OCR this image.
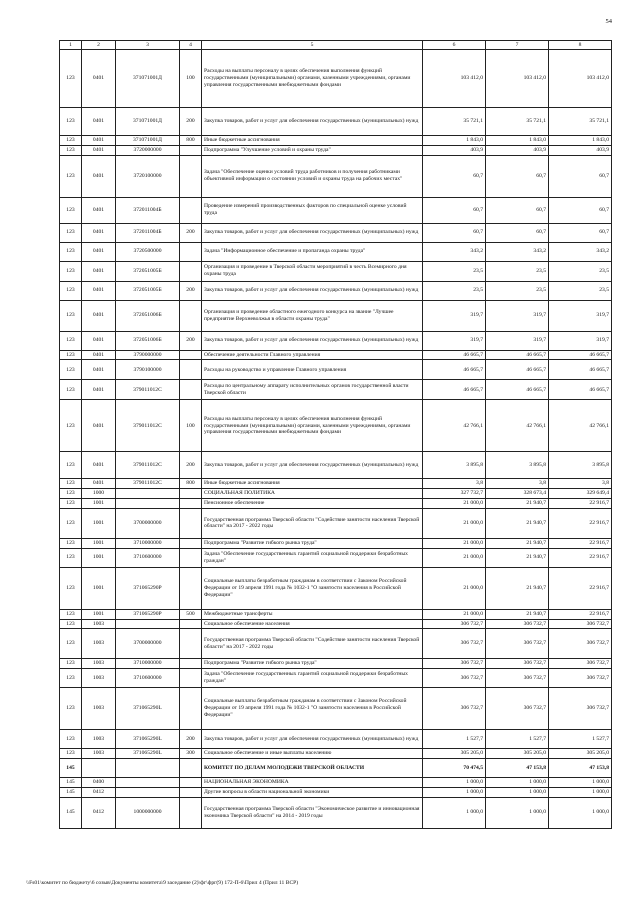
54
1	2	3	4	5	6	7	8
123	0401	371071001Д	100	Расходы на выплаты персоналу в целях обеспечения выполнения функций государственными (муниципальными) органами, казенными учреждениями, органами управления государственными внебюджетными фондами	103 412,0	103 412,0	103 412,0
123	0401	371071001Д	200	Закупка товаров, работ и услуг для обеспечения государственных (муниципальных) нужд	35 721,1	35 721,1	35 721,1
123	0401	371071001Д	800	Иные бюджетные ассигнования	1 843,0	1 843,0	1 843,0
123	0401	3720000000		Подпрограмма "Улучшение условий и охраны труда"	403,9	403,9	403,9
123	0401	3720100000		Задача "Обеспечение оценки условий труда работников и получения работниками объективной информации о состоянии условий и охраны труда на рабочих местах"	60,7	60,7	60,7
123	0401	372011004Б		Проведение измерений производственных факторов по специальной оценке условий труда	60,7	60,7	60,7
123	0401	372011004Б	200	Закупка товаров, работ и услуг для обеспечения государственных (муниципальных) нужд	60,7	60,7	60,7
123	0401	3720500000		Задача "Информационное обеспечение и пропаганда охраны труда"	343,2	343,2	343,2
123	0401	372051005Б		Организация и проведение в Тверской области мероприятий в честь Всемирного дня охраны труда	23,5	23,5	23,5
123	0401	372051005Б	200	Закупка товаров, работ и услуг для обеспечения государственных (муниципальных) нужд	23,5	23,5	23,5
123	0401	372051006Б		Организация и проведение областного ежегодного конкурса на звание "Лучшее предприятие Верхневолжья в области охраны труда"	319,7	319,7	319,7
123	0401	372051006Б	200	Закупка товаров, работ и услуг для обеспечения государственных (муниципальных) нужд	319,7	319,7	319,7
123	0401	3790000000		Обеспечение деятельности Главного управления	46 665,7	46 665,7	46 665,7
123	0401	3790100000		Расходы на руководство и управление Главного управления	46 665,7	46 665,7	46 665,7
123	0401	379011012С		Расходы по центральному аппарату исполнительных органов государственной власти Тверской области	46 665,7	46 665,7	46 665,7
123	0401	379011012С	100	Расходы на выплаты персоналу в целях обеспечения выполнения функций государственными (муниципальными) органами, казенными учреждениями, органами управления государственными внебюджетными фондами	42 766,1	42 766,1	42 766,1
123	0401	379011012С	200	Закупка товаров, работ и услуг для обеспечения государственных (муниципальных) нужд	3 895,8	3 895,8	3 895,8
123	0401	379011012С	800	Иные бюджетные ассигнования	3,8	3,8	3,8
123	1000			СОЦИАЛЬНАЯ ПОЛИТИКА	327 732,7	328 673,4	329 649,4
123	1001			Пенсионное обеспечение	21 000,0	21 940,7	22 916,7
123	1001	3700000000		Государственная программа Тверской области "Содействие занятости населения Тверской области" на 2017 - 2022 годы	21 000,0	21 940,7	22 916,7
123	1001	3710000000		Подпрограмма "Развитие гибкого рынка труда"	21 000,0	21 940,7	22 916,7
123	1001	3710600000		Задача "Обеспечение государственных гарантий социальной поддержки безработных граждан"	21 000,0	21 940,7	22 916,7
123	1001	371065290Р		Социальные выплаты безработным гражданам в соответствии с Законом Российской Федерации от 19 апреля 1991 года № 1032-1 "О занятости населения в Российской Федерации"	21 000,0	21 940,7	22 916,7
123	1001	371065290Р	500	Межбюджетные трансферты	21 000,0	21 940,7	22 916,7
123	1003			Социальное обеспечение населения	306 732,7	306 732,7	306 732,7
123	1003	3700000000		Государственная программа Тверской области "Содействие занятости населения Тверской области" на 2017 - 2022 годы	306 732,7	306 732,7	306 732,7
123	1003	3710000000		Подпрограмма "Развитие гибкого рынка труда"	306 732,7	306 732,7	306 732,7
123	1003	3710600000		Задача "Обеспечение государственных гарантий социальной поддержки безработных граждан"	306 732,7	306 732,7	306 732,7
123	1003	371065290L		Социальные выплаты безработным гражданам в соответствии с Законом Российской Федерации от 19 апреля 1991 года № 1032-1 "О занятости населения в Российской Федерации"	306 732,7	306 732,7	306 732,7
123	1003	371065290L	200	Закупка товаров, работ и услуг для обеспечения государственных (муниципальных) нужд	1 527,7	1 527,7	1 527,7
123	1003	371065290L	300	Социальное обеспечение и иные выплаты населению	305 205,0	305 205,0	305 205,0
145				КОМИТЕТ ПО ДЕЛАМ МОЛОДЕЖИ ТВЕРСКОЙ ОБЛАСТИ	70 474,5	47 153,8	47 153,8
145	0400			НАЦИОНАЛЬНАЯ ЭКОНОМИКА	1 000,0	1 000,0	1 000,0
145	0412			Другие вопросы в области национальной экономики	1 000,0	1 000,0	1 000,0
145	0412	1000000000		Государственная программа Тверской области "Экономическое развитие и инновационная экономика Тверской области" на 2014 - 2019 годы	1 000,0	1 000,0	1 000,0
\\Fs01\комитет по бюджету\6 созыв\Документы комитета\9 заседание (2)\фг\фрг(9) 172-П-6\Прил 4 (Прил 11 ВСР)
